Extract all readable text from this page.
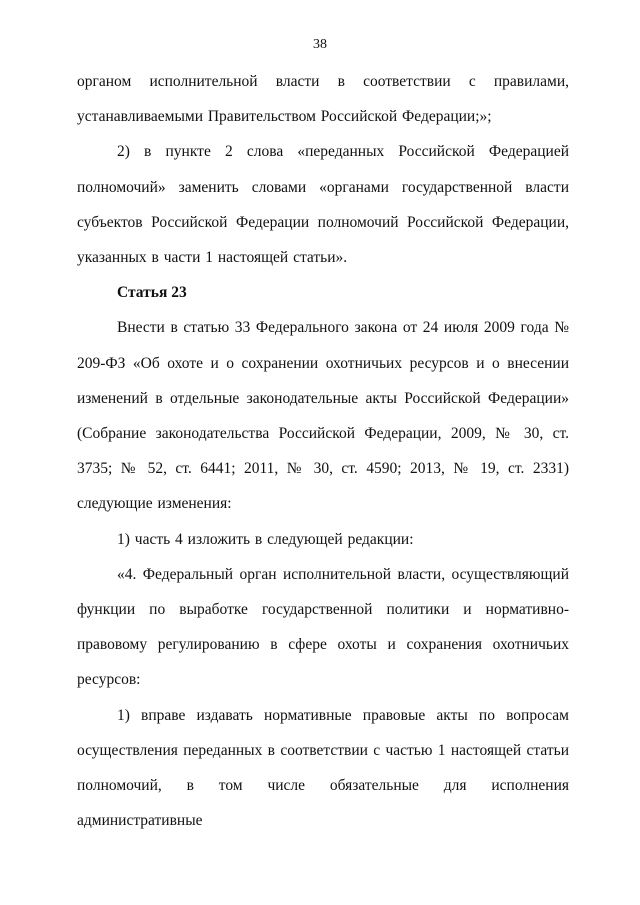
38

органом исполнительной власти в соответствии с правилами, устанавливаемыми Правительством Российской Федерации;»;

2) в пункте 2 слова «переданных Российской Федерацией полномочий» заменить словами «органами государственной власти субъектов Российской Федерации полномочий Российской Федерации, указанных в части 1 настоящей статьи».

Статья 23

Внести в статью 33 Федерального закона от 24 июля 2009 года № 209-ФЗ «Об охоте и о сохранении охотничьих ресурсов и о внесении изменений в отдельные законодательные акты Российской Федерации» (Собрание законодательства Российской Федерации, 2009, № 30, ст. 3735; № 52, ст. 6441; 2011, № 30, ст. 4590; 2013, № 19, ст. 2331) следующие изменения:

1) часть 4 изложить в следующей редакции:

«4. Федеральный орган исполнительной власти, осуществляющий функции по выработке государственной политики и нормативно-правовому регулированию в сфере охоты и сохранения охотничьих ресурсов:

1) вправе издавать нормативные правовые акты по вопросам осуществления переданных в соответствии с частью 1 настоящей статьи полномочий, в том числе обязательные для исполнения административные
